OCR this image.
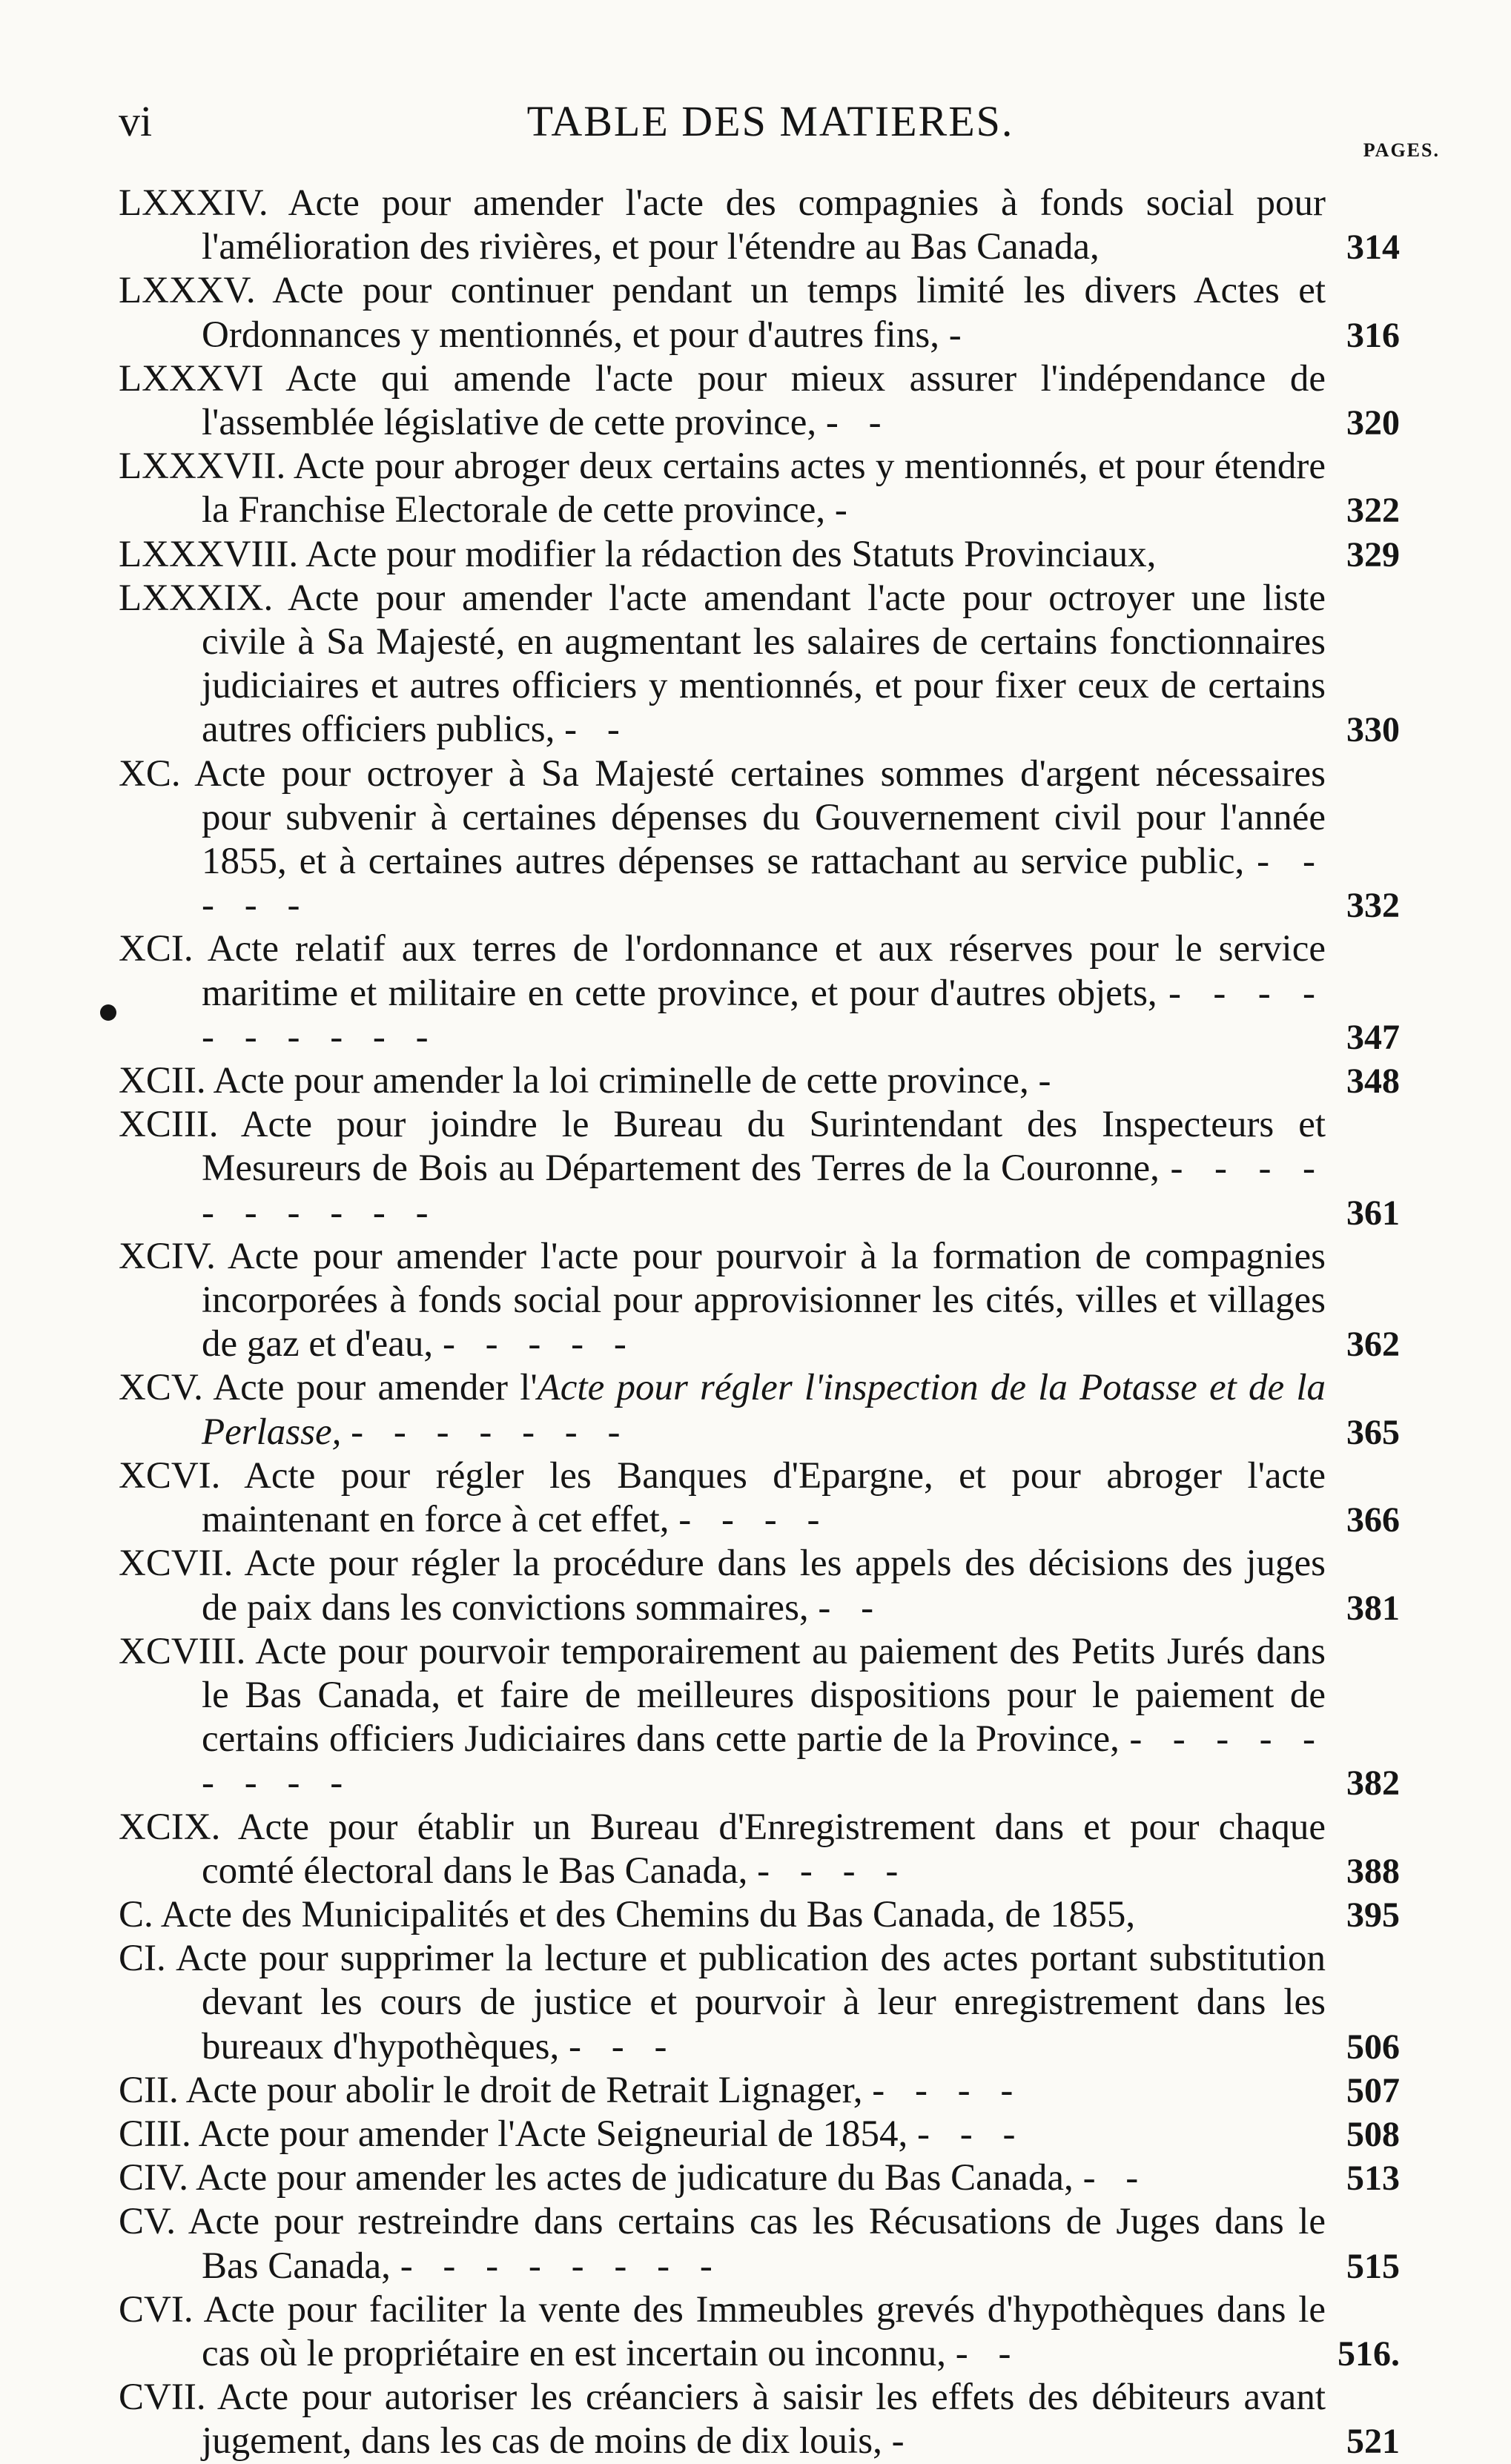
vi	TABLE DES MATIERES.
PAGES.
LXXXIV. Acte pour amender l'acte des compagnies à fonds social pour l'amélioration des rivières, et pour l'étendre au Bas Canada,	314
LXXXV. Acte pour continuer pendant un temps limité les divers Actes et Ordonnances y mentionnés, et pour d'autres fins, -	316
LXXXVI Acte qui amende l'acte pour mieux assurer l'indépendance de l'assemblée législative de cette province, - -	320
LXXXVII. Acte pour abroger deux certains actes y mentionnés, et pour étendre la Franchise Electorale de cette province, -	322
LXXXVIII. Acte pour modifier la rédaction des Statuts Provinciaux,	329
LXXXIX. Acte pour amender l'acte amendant l'acte pour octroyer une liste civile à Sa Majesté, en augmentant les salaires de certains fonctionnaires judiciaires et autres officiers y mentionnés, et pour fixer ceux de certains autres officiers publics, - -	330
XC. Acte pour octroyer à Sa Majesté certaines sommes d'argent nécessaires pour subvenir à certaines dépenses du Gouvernement civil pour l'année 1855, et à certaines autres dépenses se rattachant au service public, - - - - -	332
XCI. Acte relatif aux terres de l'ordonnance et aux réserves pour le service maritime et militaire en cette province, et pour d'autres objets, - - - - - - - - - -	347
XCII. Acte pour amender la loi criminelle de cette province, -	348
XCIII. Acte pour joindre le Bureau du Surintendant des Inspecteurs et Mesureurs de Bois au Département des Terres de la Couronne, - - - - - - - - - -	361
XCIV. Acte pour amender l'acte pour pourvoir à la formation de compagnies incorporées à fonds social pour approvisionner les cités, villes et villages de gaz et d'eau, - - - - -	362
XCV. Acte pour amender l'Acte pour régler l'inspection de la Potasse et de la Perlasse, - - - - - - -	365
XCVI. Acte pour régler les Banques d'Epargne, et pour abroger l'acte maintenant en force à cet effet, - - - -	366
XCVII. Acte pour régler la procédure dans les appels des décisions des juges de paix dans les convictions sommaires, - -	381
XCVIII. Acte pour pourvoir temporairement au paiement des Petits Jurés dans le Bas Canada, et faire de meilleures dispositions pour le paiement de certains officiers Judiciaires dans cette partie de la Province, - - - - - - - - -	382
XCIX. Acte pour établir un Bureau d'Enregistrement dans et pour chaque comté électoral dans le Bas Canada, - - - -	388
C. Acte des Municipalités et des Chemins du Bas Canada, de 1855,	395
CI. Acte pour supprimer la lecture et publication des actes portant substitution devant les cours de justice et pourvoir à leur enregistrement dans les bureaux d'hypothèques, - - -	506
CII. Acte pour abolir le droit de Retrait Lignager, - - - -	507
CIII. Acte pour amender l'Acte Seigneurial de 1854, - - -	508
CIV. Acte pour amender les actes de judicature du Bas Canada, - -	513
CV. Acte pour restreindre dans certains cas les Récusations de Juges dans le Bas Canada, - - - - - - - -	515
CVI. Acte pour faciliter la vente des Immeubles grevés d'hypothèques dans le cas où le propriétaire en est incertain ou inconnu, - -	516.
CVII. Acte pour autoriser les créanciers à saisir les effets des débiteurs avant jugement, dans les cas de moins de dix louis, -	521
